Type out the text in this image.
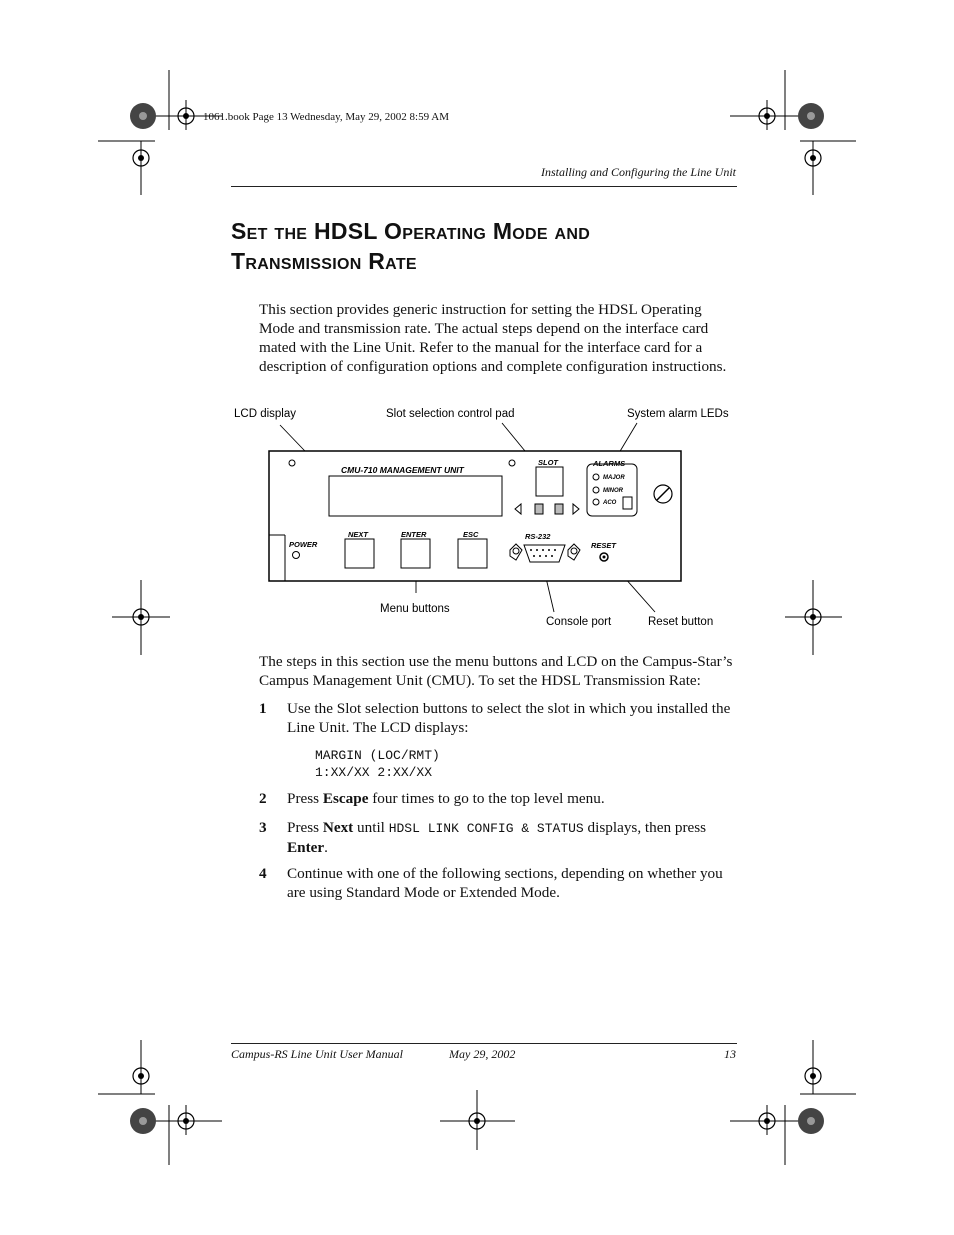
1061.book Page 13 Wednesday, May 29, 2002 8:59 AM
Installing and Configuring the Line Unit
Set the HDSL Operating Mode and
Transmission Rate
This section provides generic instruction for setting the HDSL Operating Mode and transmission rate. The actual steps depend on the interface card mated with the Line Unit. Refer to the manual for the interface card for a description of configuration options and complete configuration instructions.
LCD display	Slot selection control pad	System alarm LEDs
Menu buttons
Console port	Reset button
CMU-710 MANAGEMENT UNIT
SLOT	ALARMS
MAJOR
MINOR
ACO
POWER
NEXT	ENTER	ESC	RS-232
RESET
The steps in this section use the menu buttons and LCD on the Campus-Star’s Campus Management Unit (CMU). To set the HDSL Transmission Rate:
1 Use the Slot selection buttons to select the slot in which you installed the Line Unit. The LCD displays:
MARGIN (LOC/RMT)
1:XX/XX 2:XX/XX
2 Press Escape four times to go to the top level menu.
3 Press Next until HDSL LINK CONFIG & STATUS displays, then press Enter.
4 Continue with one of the following sections, depending on whether you are using Standard Mode or Extended Mode.
Campus-RS Line Unit User Manual	May 29, 2002	13
